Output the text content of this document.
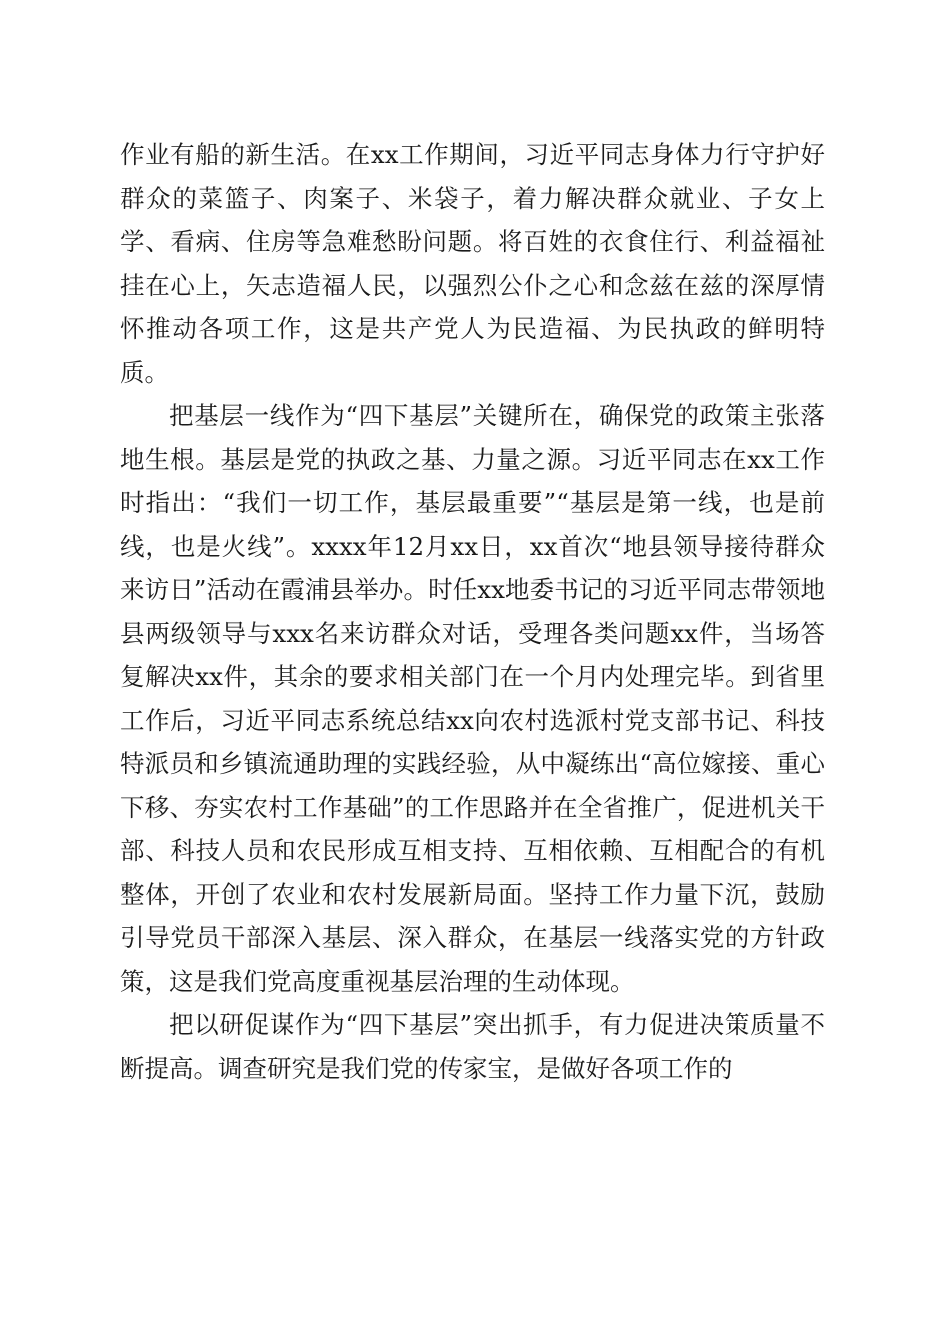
作业有船的新生活。在xx工作期间，习近平同志身体力行守护好群众的菜篮子、肉案子、米袋子，着力解决群众就业、子女上学、看病、住房等急难愁盼问题。将百姓的衣食住行、利益福祉挂在心上，矢志造福人民，以强烈公仆之心和念兹在兹的深厚情怀推动各项工作，这是共产党人为民造福、为民执政的鲜明特质。

把基层一线作为“四下基层”关键所在，确保党的政策主张落地生根。基层是党的执政之基、力量之源。习近平同志在xx工作时指出：“我们一切工作，基层最重要”“基层是第一线，也是前线，也是火线”。xxxx年12月xx日，xx首次“地县领导接待群众来访日”活动在霞浦县举办。时任xx地委书记的习近平同志带领地县两级领导与xxx名来访群众对话，受理各类问题xx件，当场答复解决xx件，其余的要求相关部门在一个月内处理完毕。到省里工作后，习近平同志系统总结xx向农村选派村党支部书记、科技特派员和乡镇流通助理的实践经验，从中凝练出“高位嫁接、重心下移、夯实农村工作基础”的工作思路并在全省推广，促进机关干部、科技人员和农民形成互相支持、互相依赖、互相配合的有机整体，开创了农业和农村发展新局面。坚持工作力量下沉，鼓励引导党员干部深入基层、深入群众，在基层一线落实党的方针政策，这是我们党高度重视基层治理的生动体现。

把以研促谋作为“四下基层”突出抓手，有力促进决策质量不断提高。调查研究是我们党的传家宝，是做好各项工作的
